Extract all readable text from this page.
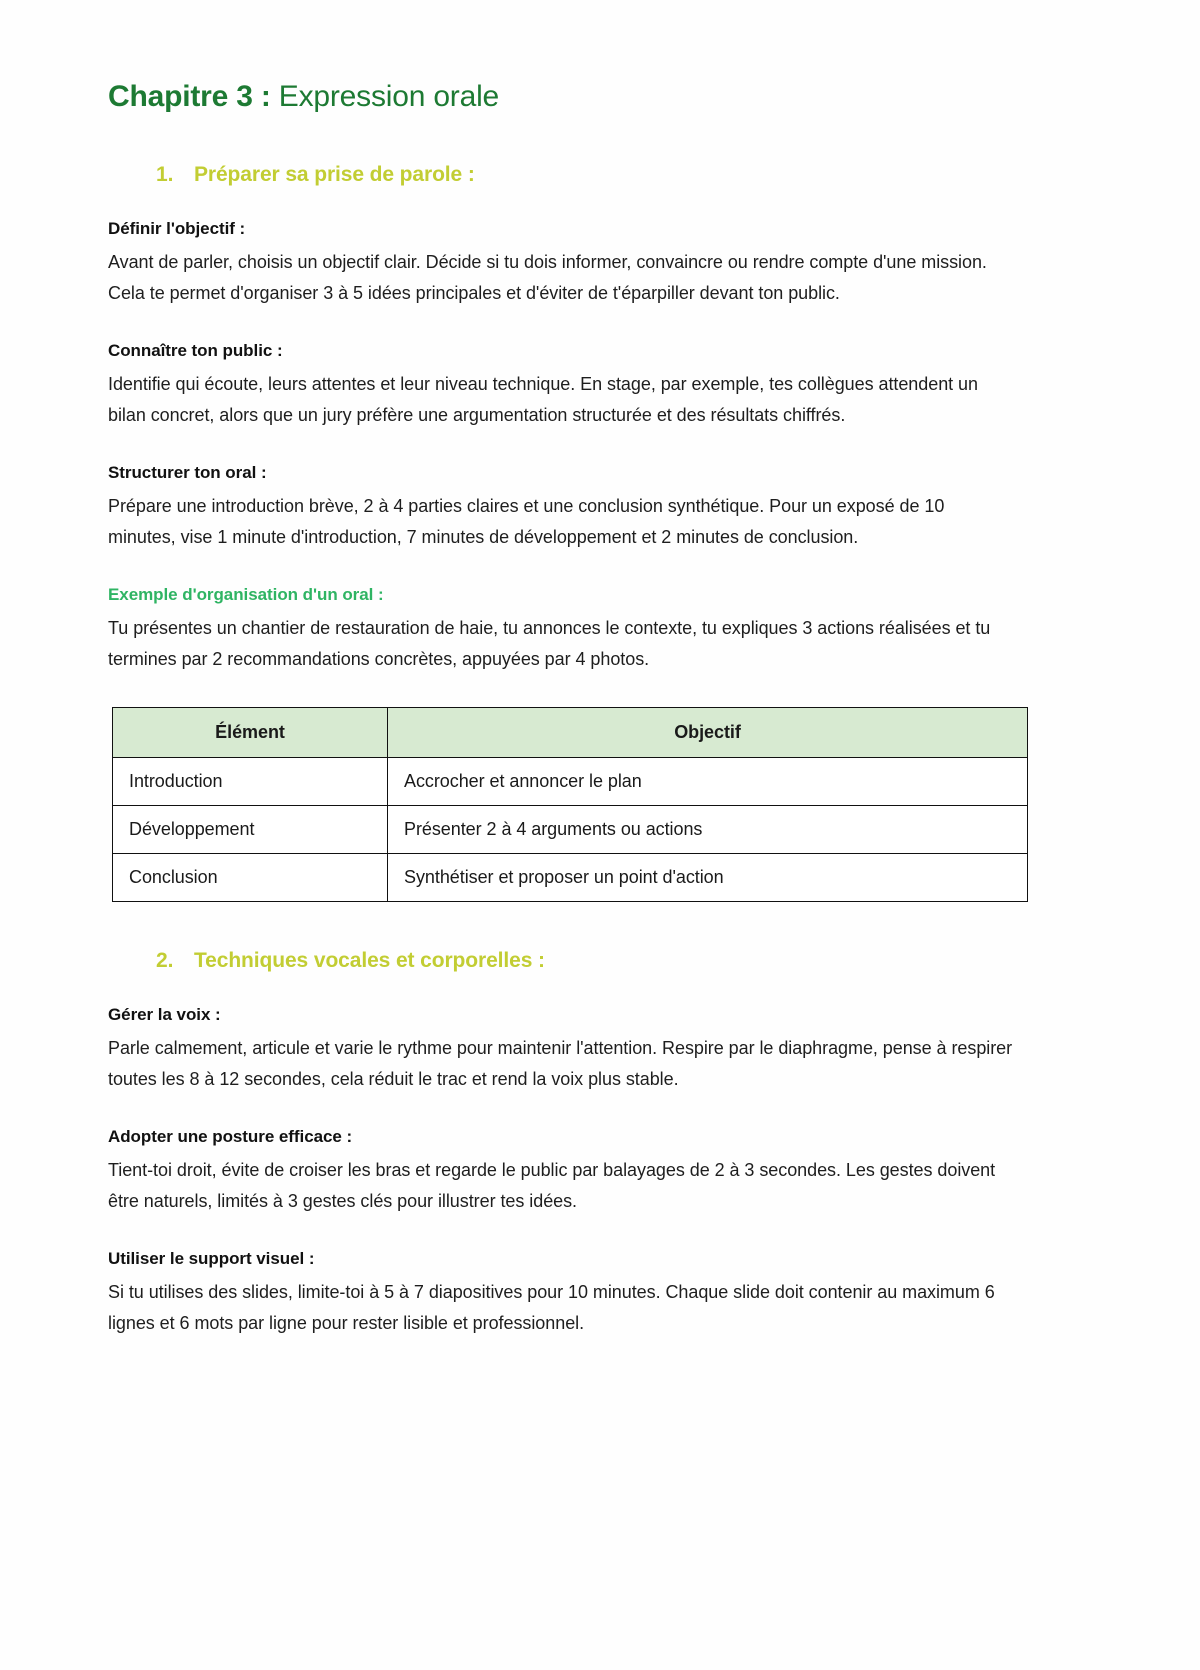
Chapitre 3 : Expression orale
1. Préparer sa prise de parole :
Définir l'objectif :

Avant de parler, choisis un objectif clair. Décide si tu dois informer, convaincre ou rendre compte d'une mission. Cela te permet d'organiser 3 à 5 idées principales et d'éviter de t'éparpiller devant ton public.

Connaître ton public :

Identifie qui écoute, leurs attentes et leur niveau technique. En stage, par exemple, tes collègues attendent un bilan concret, alors que un jury préfère une argumentation structurée et des résultats chiffrés.

Structurer ton oral :

Prépare une introduction brève, 2 à 4 parties claires et une conclusion synthétique. Pour un exposé de 10 minutes, vise 1 minute d'introduction, 7 minutes de développement et 2 minutes de conclusion.

Exemple d'organisation d'un oral :

Tu présentes un chantier de restauration de haie, tu annonces le contexte, tu expliques 3 actions réalisées et tu termines par 2 recommandations concrètes, appuyées par 4 photos.

Élément	Objectif
Introduction	Accrocher et annoncer le plan
Développement	Présenter 2 à 4 arguments ou actions
Conclusion	Synthétiser et proposer un point d'action
2. Techniques vocales et corporelles :
Gérer la voix :

Parle calmement, articule et varie le rythme pour maintenir l'attention. Respire par le diaphragme, pense à respirer toutes les 8 à 12 secondes, cela réduit le trac et rend la voix plus stable.

Adopter une posture efficace :

Tient-toi droit, évite de croiser les bras et regarde le public par balayages de 2 à 3 secondes. Les gestes doivent être naturels, limités à 3 gestes clés pour illustrer tes idées.

Utiliser le support visuel :

Si tu utilises des slides, limite-toi à 5 à 7 diapositives pour 10 minutes. Chaque slide doit contenir au maximum 6 lignes et 6 mots par ligne pour rester lisible et professionnel.
